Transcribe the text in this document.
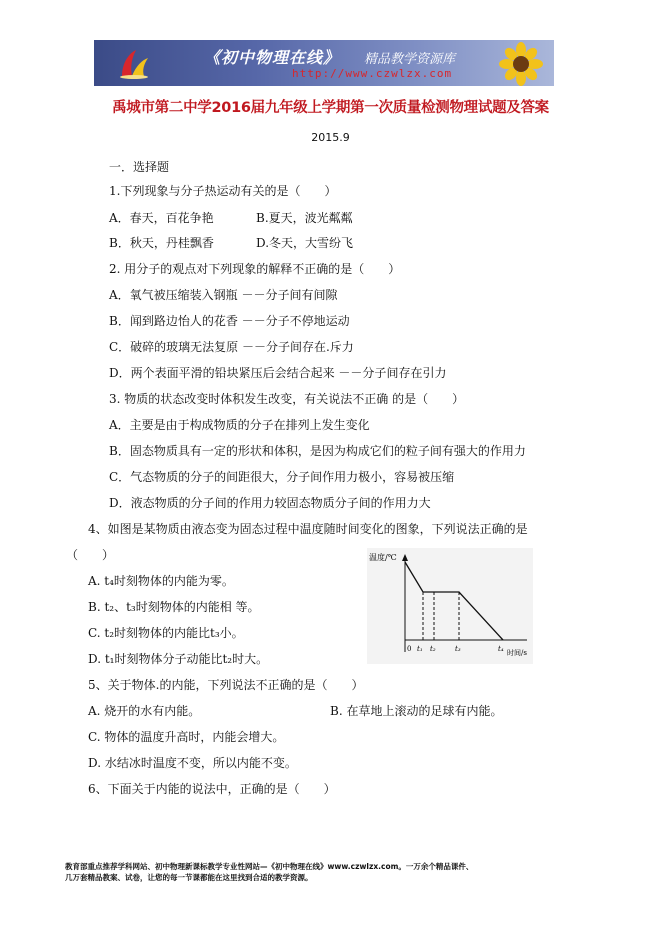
《初中物理在线》 精品教学资源库
http://www.czwlzx.com
禹城市第二中学2016届九年级上学期第一次质量检测物理试题及答案
2015.9
一．选择题
1.下列现象与分子热运动有关的是（　　）
A．春天，百花争艳	B.夏天，波光粼粼
B．秋天，丹桂飘香	D.冬天，大雪纷飞
2. 用分子的观点对下列现象的解释不正确的是（　　）
A．氧气被压缩装入钢瓶 －－分子间有间隙
B．闻到路边怡人的花香 －－分子不停地运动
C．破碎的玻璃无法复原 －－分子间存在.斥力
D．两个表面平滑的铅块紧压后会结合起来 －－分子间存在引力
3. 物质的状态改变时体积发生改变，有关说法不正确 的是（　　）
A．主要是由于构成物质的分子在排列上发生变化
B．固态物质具有一定的形状和体积，是因为构成它们的粒子间有强大的作用力
C．气态物质的分子的间距很大，分子间作用力极小，容易被压缩
D．液态物质的分子间的作用力较固态物质分子间的作用力大
4、如图是某物质由液态变为固态过程中温度随时间变化的图象，下列说法正确的是
（　　）
A. t₄时刻物体的内能为零。
B. t₂、t₃时刻物体的内能相 等。
C. t₂时刻物体的内能比t₃小。
D. t₁时刻物体分子动能比t₂时大。
温度/℃
0 t₁ t₂	t₃	t₄ 时间/s
5、关于物体.的内能，下列说法不正确的是（　　）
A. 烧开的水有内能。	B. 在草地上滚动的足球有内能。
C. 物体的温度升高时，内能会增大。
D. 水结冰时温度不变，所以内能不变。
6、下面关于内能的说法中，正确的是（　　）
教育部重点推荐学科网站、初中物理新课标教学专业性网站—《初中物理在线》www.czwlzx.com。一万余个精品课件、
几万套精品教案、试卷，让您的每一节课都能在这里找到合适的教学资源。
